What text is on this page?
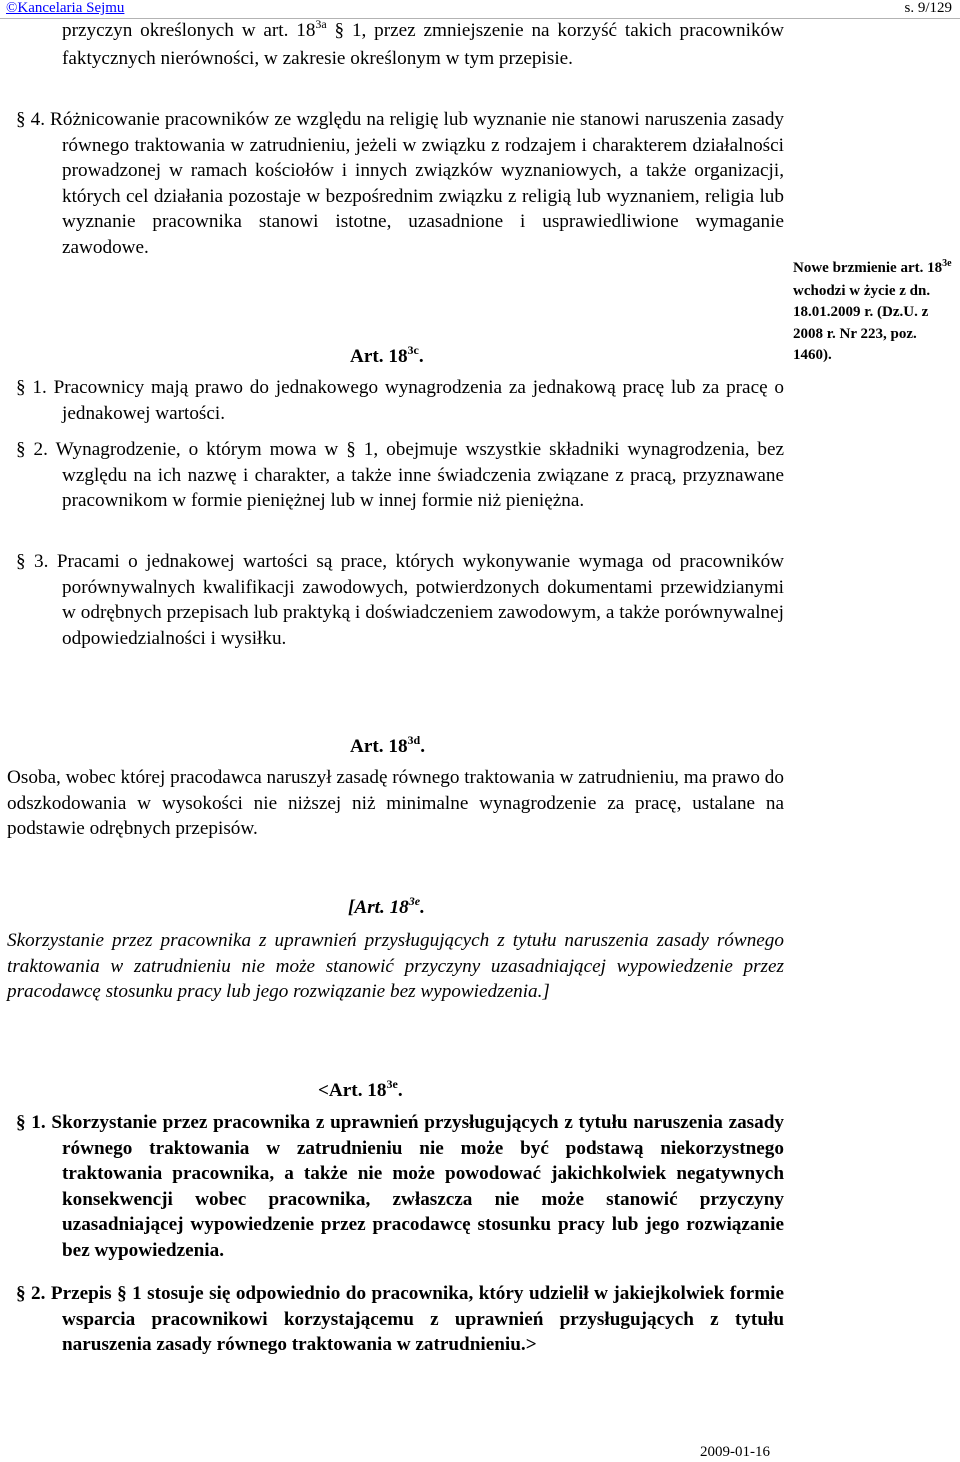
©Kancelaria Sejmu	s. 9/129

przyczyn określonych w art. $18^{3a}$ § 1, przez zmniejszenie na korzyść takich pracowników faktycznych nierówności, w zakresie określonym w tym przepisie.

§ 4. Różnicowanie pracowników ze względu na religię lub wyznanie nie stanowi naruszenia zasady równego traktowania w zatrudnieniu, jeżeli w związku z rodzajem i charakterem działalności prowadzonej w ramach kościołów i innych związków wyznaniowych, a także organizacji, których cel działania pozostaje w bezpośrednim związku z religią lub wyznaniem, religia lub wyznanie pracownika stanowi istotne, uzasadnione i usprawiedliwione wymaganie zawodowe.

Art. $18^{3c}$.

§ 1. Pracownicy mają prawo do jednakowego wynagrodzenia za jednakową pracę lub za pracę o jednakowej wartości.

§ 2. Wynagrodzenie, o którym mowa w § 1, obejmuje wszystkie składniki wynagrodzenia, bez względu na ich nazwę i charakter, a także inne świadczenia związane z pracą, przyznawane pracownikom w formie pieniężnej lub w innej formie niż pieniężna.

§ 3. Pracami o jednakowej wartości są prace, których wykonywanie wymaga od pracowników porównywalnych kwalifikacji zawodowych, potwierdzonych dokumentami przewidzianymi w odrębnych przepisach lub praktyką i doświadczeniem zawodowym, a także porównywalnej odpowiedzialności i wysiłku.

Art. $18^{3d}$.

Osoba, wobec której pracodawca naruszył zasadę równego traktowania w zatrudnieniu, ma prawo do odszkodowania w wysokości nie niższej niż minimalne wynagrodzenie za pracę, ustalane na podstawie odrębnych przepisów.

[Art. $18^{3e}$.

Skorzystanie przez pracownika z uprawnień przysługujących z tytułu naruszenia zasady równego traktowania w zatrudnieniu nie może stanowić przyczyny uzasadniającej wypowiedzenie przez pracodawcę stosunku pracy lub jego rozwiązanie bez wypowiedzenia.]

<Art. $18^{3e}$.

§ 1. Skorzystanie przez pracownika z uprawnień przysługujących z tytułu naruszenia zasady równego traktowania w zatrudnieniu nie może być podstawą niekorzystnego traktowania pracownika, a także nie może powodować jakichkolwiek negatywnych konsekwencji wobec pracownika, zwłaszcza nie może stanowić przyczyny uzasadniającej wypowiedzenie przez pracodawcę stosunku pracy lub jego rozwiązanie bez wypowiedzenia.

§ 2. Przepis § 1 stosuje się odpowiednio do pracownika, który udzielił w jakiejkolwiek formie wsparcia pracownikowi korzystającemu z uprawnień przysługujących z tytułu naruszenia zasady równego traktowania w zatrudnieniu.>

Nowe brzmienie art. $18^{3e}$ wchodzi w życie z dn. 18.01.2009 r. (Dz.U. z 2008 r. Nr 223, poz. 1460).
2009-01-16
